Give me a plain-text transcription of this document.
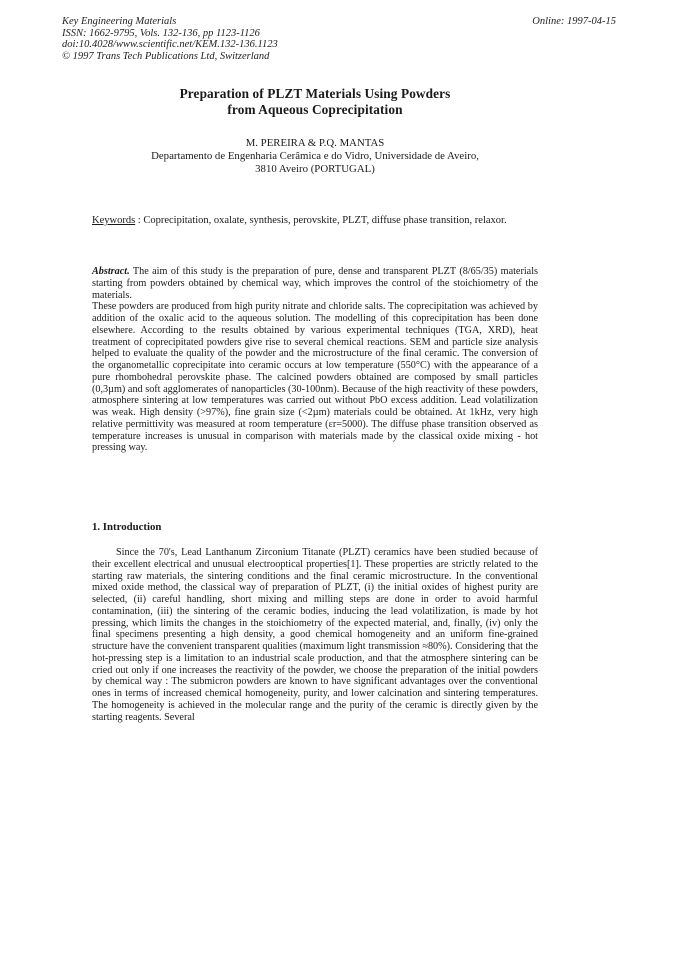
Key Engineering Materials
ISSN: 1662-9795, Vols. 132-136, pp 1123-1126
doi:10.4028/www.scientific.net/KEM.132-136.1123
© 1997 Trans Tech Publications Ltd, Switzerland
Online: 1997-04-15
Preparation of PLZT Materials Using Powders
from Aqueous Coprecipitation
M. PEREIRA & P.Q. MANTAS
Departamento de Engenharia Cerâmica e do Vidro, Universidade de Aveiro,
3810 Aveiro (PORTUGAL)
Keywords : Coprecipitation, oxalate, synthesis, perovskite, PLZT, diffuse phase transition, relaxor.

Abstract. The aim of this study is the preparation of pure, dense and transparent PLZT (8/65/35) materials starting from powders obtained by chemical way, which improves the control of the stoichiometry of the materials.

These powders are produced from high purity nitrate and chloride salts. The coprecipitation was achieved by addition of the oxalic acid to the aqueous solution. The modelling of this coprecipitation has been done elsewhere. According to the results obtained by various experimental techniques (TGA, XRD), heat treatment of coprecipitated powders give rise to several chemical reactions. SEM and particle size analysis helped to evaluate the quality of the powder and the microstructure of the final ceramic. The conversion of the organometallic coprecipitate into ceramic occurs at low temperature (550°C) with the appearance of a pure rhombohedral perovskite phase. The calcined powders obtained are composed by small particles (0,3µm) and soft agglomerates of nanoparticles (30-100nm). Because of the high reactivity of these powders, atmosphere sintering at low temperatures was carried out without PbO excess addition. Lead volatilization was weak. High density (>97%), fine grain size (<2µm) materials could be obtained. At 1kHz, very high relative permittivity was measured at room temperature (εr=5000). The diffuse phase transition observed as temperature increases is unusual in comparison with materials made by the classical oxide mixing - hot pressing way.

1. Introduction

Since the 70's, Lead Lanthanum Zirconium Titanate (PLZT) ceramics have been studied because of their excellent electrical and unusual electrooptical properties[1]. These properties are strictly related to the starting raw materials, the sintering conditions and the final ceramic microstructure. In the conventional mixed oxide method, the classical way of preparation of PLZT, (i) the initial oxides of highest purity are selected, (ii) careful handling, short mixing and milling steps are done in order to avoid harmful contamination, (iii) the sintering of the ceramic bodies, inducing the lead volatilization, is made by hot pressing, which limits the changes in the stoichiometry of the expected material, and, finally, (iv) only the final specimens presenting a high density, a good chemical homogeneity and an uniform fine-grained structure have the convenient transparent qualities (maximum light transmission ≈80%). Considering that the hot-pressing step is a limitation to an industrial scale production, and that the atmosphere sintering can be cried out only if one increases the reactivity of the powder, we choose the preparation of the initial powders by chemical way : The submicron powders are known to have significant advantages over the conventional ones in terms of increased chemical homogeneity, purity, and lower calcination and sintering temperatures. The homogeneity is achieved in the molecular range and the purity of the ceramic is directly given by the starting reagents. Several
